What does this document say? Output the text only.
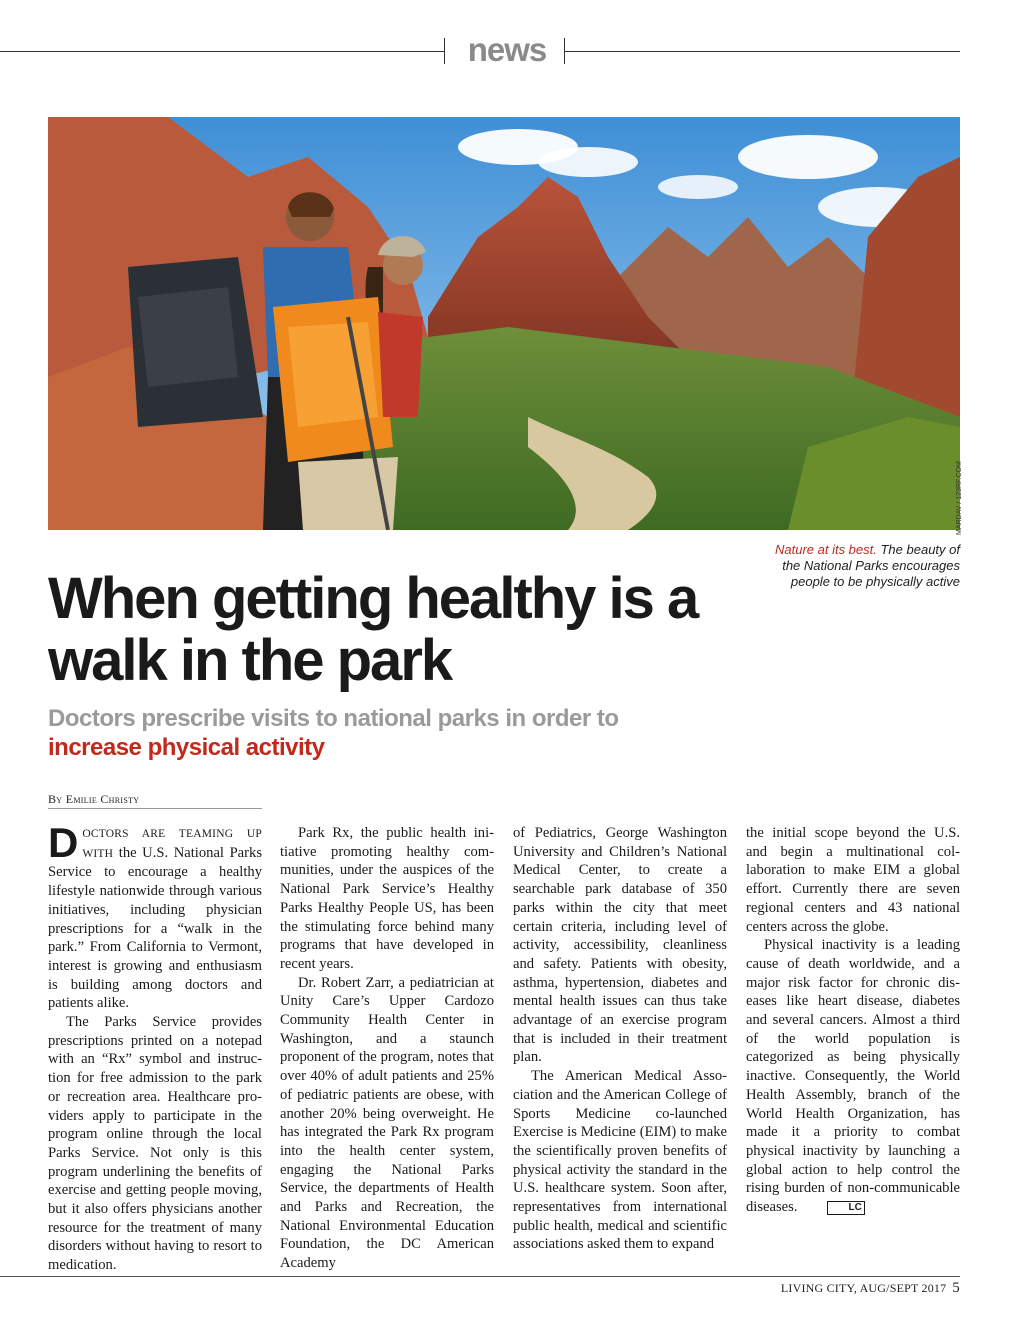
news
MARDAV / 123RF.COM
Nature at its best. The beauty of the National Parks encourages people to be physically active
When getting healthy is a walk in the park

Doctors prescribe visits to national parks in order to increase physical activity

By Emilie Christy

DOCTORS ARE TEAMING UP WITH the U.S. National Parks Service to encourage a healthy lifestyle nationwide through various initiatives, including physician prescriptions for a “walk in the park.” From California to Vermont, interest is growing and enthusiasm is building among doctors and patients alike.

The Parks Service provides prescriptions printed on a notepad with an “Rx” symbol and instruction for free admission to the park or recreation area. Healthcare providers apply to participate in the program online through the local Parks Service. Not only is this program underlining the benefits of exercise and getting people moving, but it also offers physicians another resource for the treatment of many disorders without having to resort to medication.

Park Rx, the public health initiative promoting healthy communities, under the auspices of the National Park Service’s Healthy Parks Healthy People US, has been the stimulating force behind many programs that have developed in recent years.

Dr. Robert Zarr, a pediatrician at Unity Care’s Upper Cardozo Community Health Center in Washington, and a staunch proponent of the program, notes that over 40% of adult patients and 25% of pediatric patients are obese, with another 20% being overweight. He has integrated the Park Rx program into the health center system, engaging the National Parks Service, the departments of Health and Parks and Recreation, the National Environmental Education Foundation, the DC American Academy

of Pediatrics, George Washington University and Children’s National Medical Center, to create a searchable park database of 350 parks within the city that meet certain criteria, including level of activity, accessibility, cleanliness and safety. Patients with obesity, asthma, hypertension, diabetes and mental health issues can thus take advantage of an exercise program that is included in their treatment plan.

The American Medical Association and the American College of Sports Medicine co-launched Exercise is Medicine (EIM) to make the scientifically proven benefits of physical activity the standard in the U.S. healthcare system. Soon after, representatives from international public health, medical and scientific associations asked them to expand

the initial scope beyond the U.S. and begin a multinational collaboration to make EIM a global effort. Currently there are seven regional centers and 43 national centers across the globe.

Physical inactivity is a leading cause of death worldwide, and a major risk factor for chronic diseases like heart disease, diabetes and several cancers. Almost a third of the world population is categorized as being physically inactive. Consequently, the World Health Assembly, branch of the World Health Organization, has made it a priority to combat physical inactivity by launching a global action to help control the rising burden of non-communicable diseases.	LC

LIVING CITY, AUG/SEPT 2017 5
